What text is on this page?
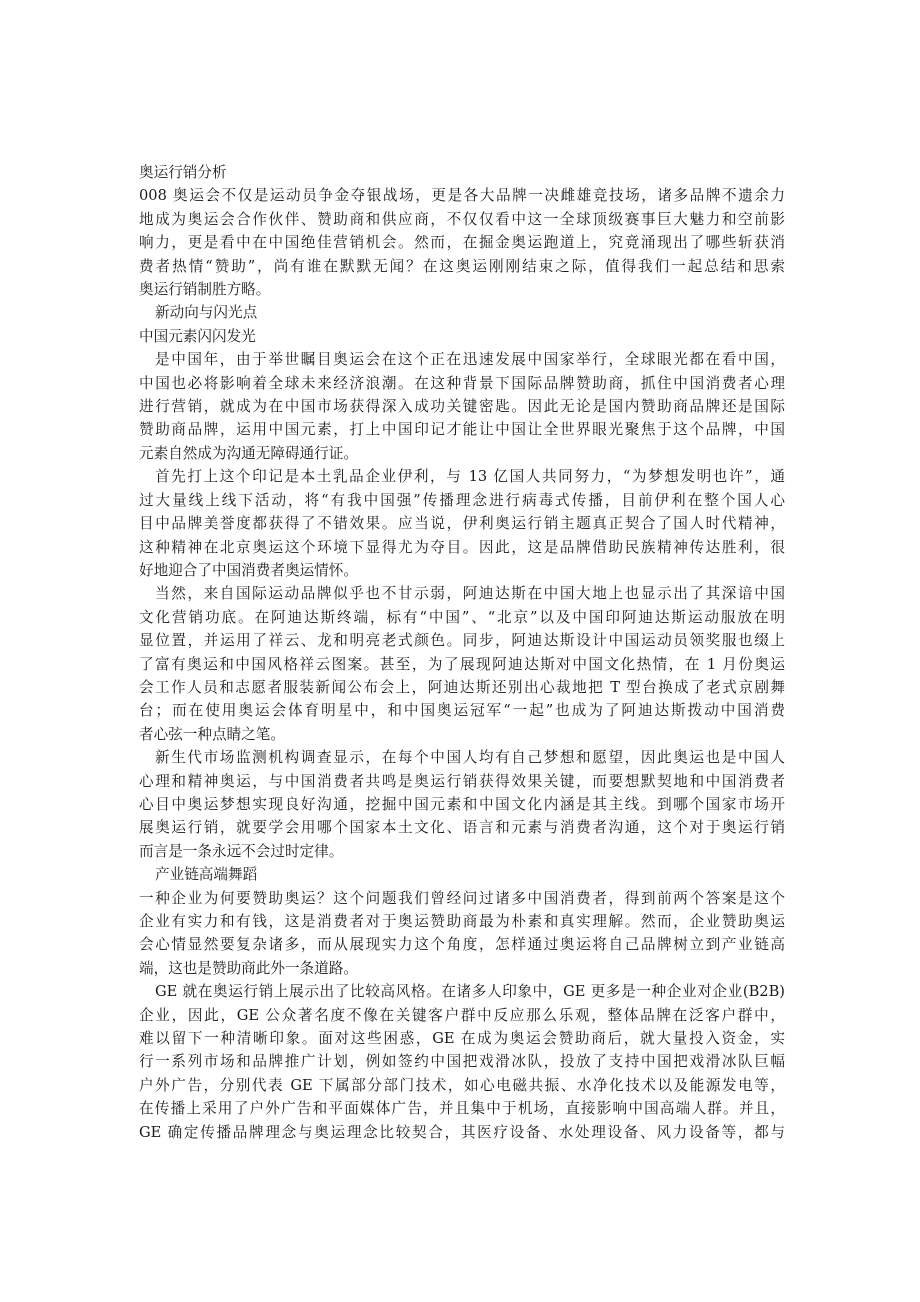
奥运行销分析
008 奥运会不仅是运动员争金夺银战场，更是各大品牌一决雌雄竞技场，诸多品牌不遗余力
地成为奥运会合作伙伴、赞助商和供应商，不仅仅看中这一全球顶级赛事巨大魅力和空前影
响力，更是看中在中国绝佳营销机会。然而，在掘金奥运跑道上，究竟涌现出了哪些斩获消
费者热情“赞助”，尚有谁在默默无闻？在这奥运刚刚结束之际，值得我们一起总结和思索
奥运行销制胜方略。
新动向与闪光点
中国元素闪闪发光
是中国年，由于举世瞩目奥运会在这个正在迅速发展中国家举行，全球眼光都在看中国，
中国也必将影响着全球未来经济浪潮。在这种背景下国际品牌赞助商，抓住中国消费者心理
进行营销，就成为在中国市场获得深入成功关键密匙。因此无论是国内赞助商品牌还是国际
赞助商品牌，运用中国元素，打上中国印记才能让中国让全世界眼光聚焦于这个品牌，中国
元素自然成为沟通无障碍通行证。
首先打上这个印记是本土乳品企业伊利，与 13 亿国人共同努力，“为梦想发明也许”，通
过大量线上线下活动，将“有我中国强”传播理念进行病毒式传播，目前伊利在整个国人心
目中品牌美誉度都获得了不错效果。应当说，伊利奥运行销主题真正契合了国人时代精神，
这种精神在北京奥运这个环境下显得尤为夺目。因此，这是品牌借助民族精神传达胜利，很
好地迎合了中国消费者奥运情怀。
当然，来自国际运动品牌似乎也不甘示弱，阿迪达斯在中国大地上也显示出了其深谙中国
文化营销功底。在阿迪达斯终端，标有“中国”、“北京”以及中国印阿迪达斯运动服放在明
显位置，并运用了祥云、龙和明亮老式颜色。同步，阿迪达斯设计中国运动员领奖服也缀上
了富有奥运和中国风格祥云图案。甚至，为了展现阿迪达斯对中国文化热情，在 1 月份奥运
会工作人员和志愿者服装新闻公布会上，阿迪达斯还别出心裁地把 T 型台换成了老式京剧舞
台；而在使用奥运会体育明星中，和中国奥运冠军“一起”也成为了阿迪达斯拨动中国消费
者心弦一种点睛之笔。
新生代市场监测机构调查显示，在每个中国人均有自己梦想和愿望，因此奥运也是中国人
心理和精神奥运，与中国消费者共鸣是奥运行销获得效果关键，而要想默契地和中国消费者
心目中奥运梦想实现良好沟通，挖掘中国元素和中国文化内涵是其主线。到哪个国家市场开
展奥运行销，就要学会用哪个国家本土文化、语言和元素与消费者沟通，这个对于奥运行销
而言是一条永远不会过时定律。
产业链高端舞蹈
一种企业为何要赞助奥运？这个问题我们曾经问过诸多中国消费者，得到前两个答案是这个
企业有实力和有钱，这是消费者对于奥运赞助商最为朴素和真实理解。然而，企业赞助奥运
会心情显然要复杂诸多，而从展现实力这个角度，怎样通过奥运将自己品牌树立到产业链高
端，这也是赞助商此外一条道路。
GE 就在奥运行销上展示出了比较高风格。在诸多人印象中，GE 更多是一种企业对企业(B2B)
企业，因此，GE 公众著名度不像在关键客户群中反应那么乐观，整体品牌在泛客户群中，
难以留下一种清晰印象。面对这些困惑，GE 在成为奥运会赞助商后，就大量投入资金，实
行一系列市场和品牌推广计划，例如签约中国把戏滑冰队，投放了支持中国把戏滑冰队巨幅
户外广告，分别代表 GE 下属部分部门技术，如心电磁共振、水净化技术以及能源发电等，
在传播上采用了户外广告和平面媒体广告，并且集中于机场，直接影响中国高端人群。并且，
GE 确定传播品牌理念与奥运理念比较契合，其医疗设备、水处理设备、风力设备等，都与
